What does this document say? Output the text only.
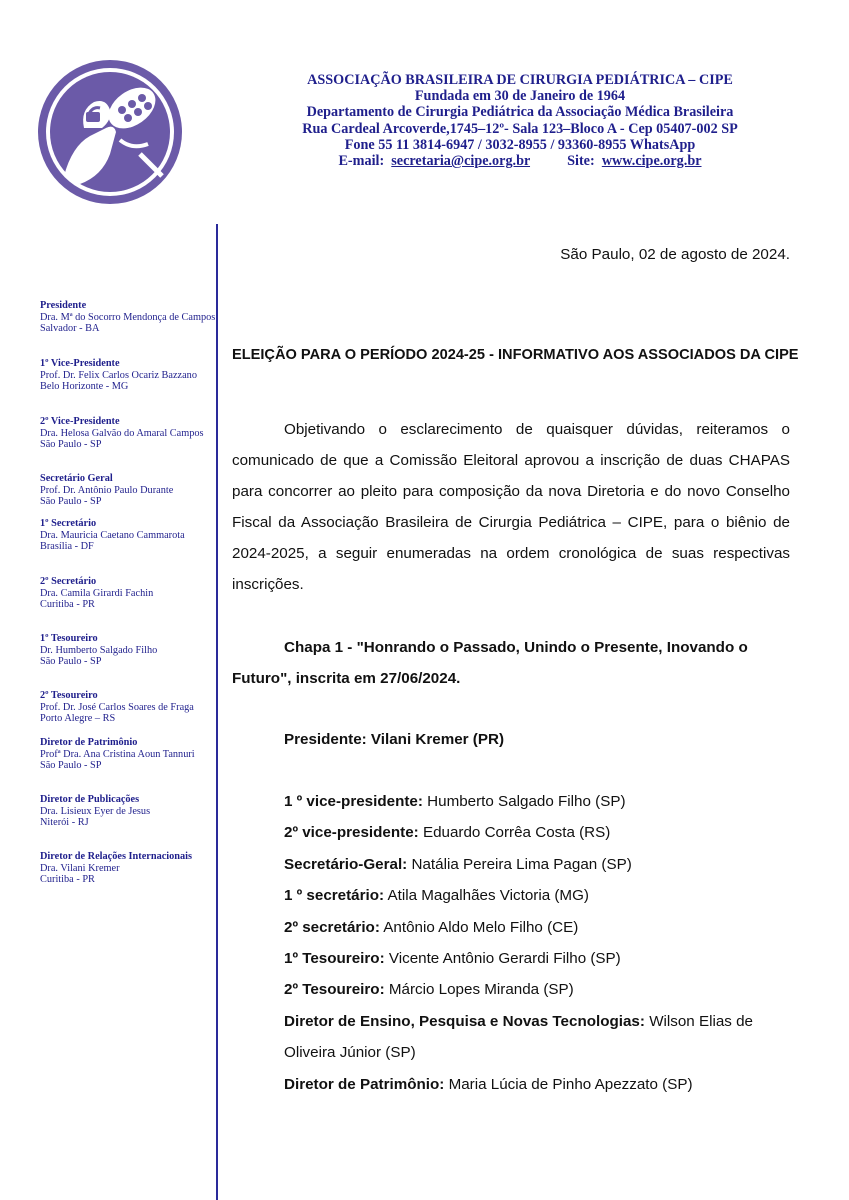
ASSOCIAÇÃO BRASILEIRA DE CIRURGIA PEDIÁTRICA – CIPE
Fundada em 30 de Janeiro de 1964
Departamento de Cirurgia Pediátrica da Associação Médica Brasileira
Rua Cardeal Arcoverde,1745–12º- Sala 123–Bloco A - Cep 05407-002 SP
Fone 55 11 3814-6947 / 3032-8955 / 93360-8955 WhatsApp
E-mail: secretaria@cipe.org.br	Site: www.cipe.org.br
Presidente
Dra. Mª do Socorro Mendonça de Campos
Salvador - BA
1º Vice-Presidente
Prof. Dr. Felix Carlos Ocariz Bazzano
Belo Horizonte - MG
2º Vice-Presidente
Dra. Helosa Galvão do Amaral Campos
São Paulo - SP
Secretário Geral
Prof. Dr. Antônio Paulo Durante
São Paulo - SP
1º Secretário
Dra. Mauricia Caetano Cammarota
Brasília - DF
2º Secretário
Dra. Camila Girardi Fachin
Curitiba - PR
1º Tesoureiro
Dr. Humberto Salgado Filho
São Paulo - SP
2º Tesoureiro
Prof. Dr. José Carlos Soares de Fraga
Porto Alegre – RS
Diretor de Patrimônio
Profª Dra. Ana Cristina Aoun Tannuri
São Paulo - SP
Diretor de Publicações
Dra. Lisieux Eyer de Jesus
Niterói - RJ
Diretor de Relações Internacionais
Dra. Vilani Kremer
Curitiba - PR
São Paulo, 02 de agosto de 2024.
ELEIÇÃO PARA O PERÍODO 2024-25 - INFORMATIVO AOS ASSOCIADOS DA CIPE
Objetivando o esclarecimento de quaisquer dúvidas, reiteramos o comunicado de que a Comissão Eleitoral aprovou a inscrição de duas CHAPAS para concorrer ao pleito para composição da nova Diretoria e do novo Conselho Fiscal da Associação Brasileira de Cirurgia Pediátrica – CIPE, para o biênio de 2024-2025, a seguir enumeradas na ordem cronológica de suas respectivas inscrições.
Chapa 1 - "Honrando o Passado, Unindo o Presente, Inovando o Futuro", inscrita em 27/06/2024.
Presidente: Vilani Kremer (PR)
1 º vice-presidente: Humberto Salgado Filho (SP)
2º vice-presidente: Eduardo Corrêa Costa (RS)
Secretário-Geral: Natália Pereira Lima Pagan (SP)
1 º secretário: Atila Magalhães Victoria (MG)
2º secretário: Antônio Aldo Melo Filho (CE)
1º Tesoureiro: Vicente Antônio Gerardi Filho (SP)
2º Tesoureiro: Márcio Lopes Miranda (SP)
Diretor de Ensino, Pesquisa e Novas Tecnologias: Wilson Elias de Oliveira Júnior (SP)
Diretor de Patrimônio: Maria Lúcia de Pinho Apezzato (SP)
